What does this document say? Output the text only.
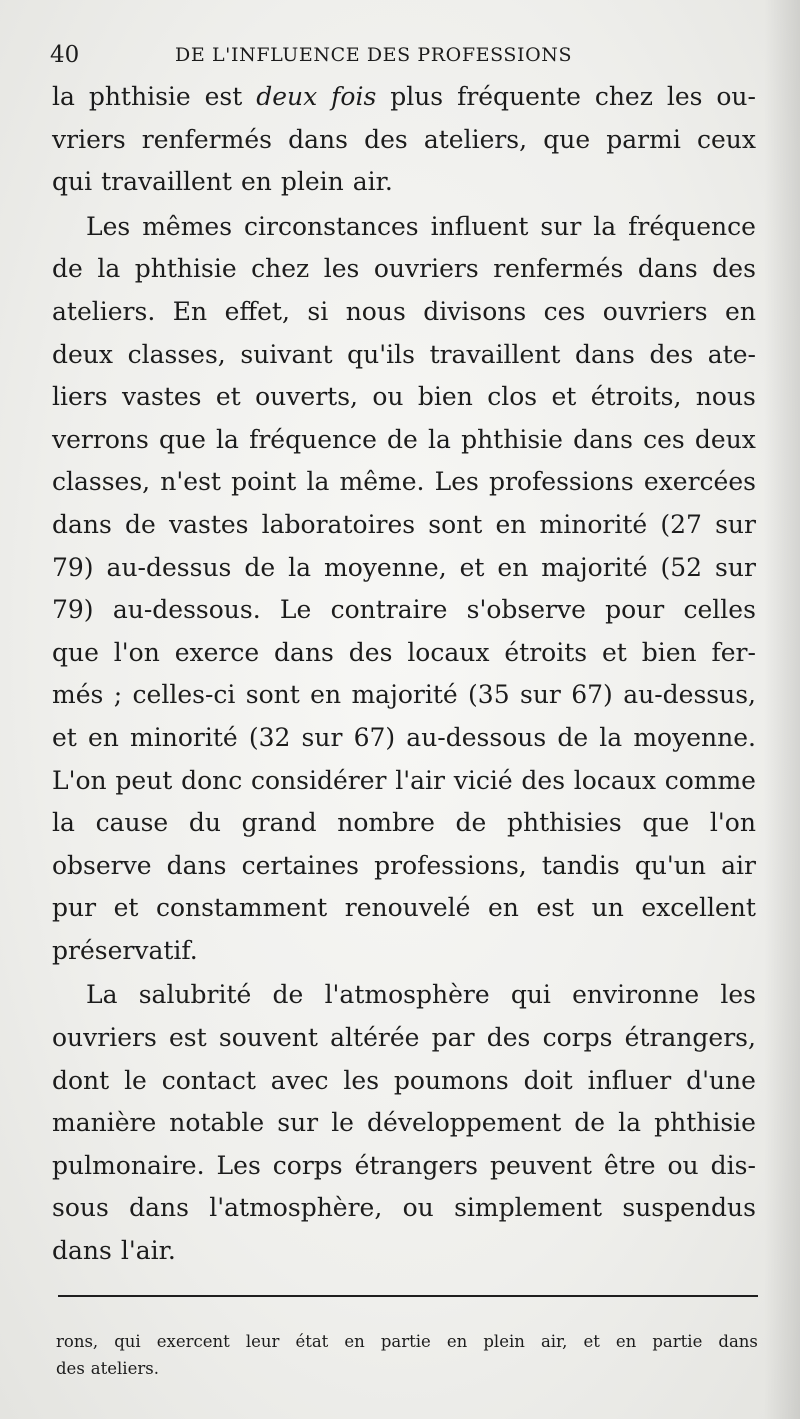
40	DE L'INFLUENCE DES PROFESSIONS
la phthisie est deux fois plus fréquente chez les ou-
vriers renfermés dans des ateliers, que parmi ceux
qui travaillent en plein air.
Les mêmes circonstances influent sur la fréquence
de la phthisie chez les ouvriers renfermés dans des
ateliers. En effet, si nous divisons ces ouvriers en
deux classes, suivant qu'ils travaillent dans des ate-
liers vastes et ouverts, ou bien clos et étroits, nous
verrons que la fréquence de la phthisie dans ces deux
classes, n'est point la même. Les professions exercées
dans de vastes laboratoires sont en minorité (27 sur
79) au-dessus de la moyenne, et en majorité (52 sur
79) au-dessous. Le contraire s'observe pour celles
que l'on exerce dans des locaux étroits et bien fer-
més ; celles-ci sont en majorité (35 sur 67) au-dessus,
et en minorité (32 sur 67) au-dessous de la moyenne.
L'on peut donc considérer l'air vicié des locaux comme
la cause du grand nombre de phthisies que l'on
observe dans certaines professions, tandis qu'un air
pur et constamment renouvelé en est un excellent
préservatif.
La salubrité de l'atmosphère qui environne les
ouvriers est souvent altérée par des corps étrangers,
dont le contact avec les poumons doit influer d'une
manière notable sur le développement de la phthisie
pulmonaire. Les corps étrangers peuvent être ou dis-
sous dans l'atmosphère, ou simplement suspendus
dans l'air.
rons, qui exercent leur état en partie en plein air, et en partie dans
des ateliers.
